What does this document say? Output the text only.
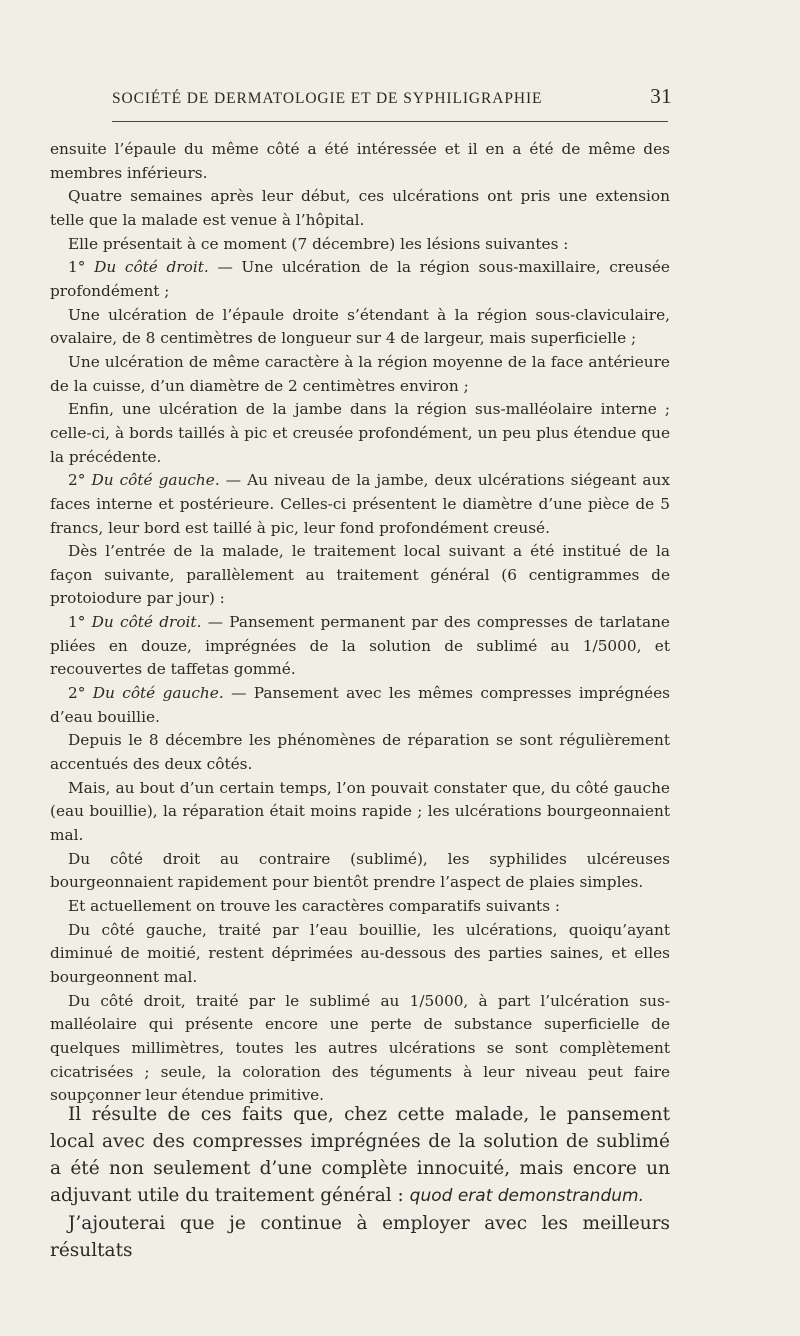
SOCIÉTÉ DE DERMATOLOGIE ET DE SYPHILIGRAPHIE	31

ensuite l’épaule du même côté a été intéressée et il en a été de même des membres inférieurs.

Quatre semaines après leur début, ces ulcérations ont pris une extension telle que la malade est venue à l’hôpital.

Elle présentait à ce moment (7 décembre) les lésions suivantes :

1° Du côté droit. — Une ulcération de la région sous-maxillaire, creusée profondément ;

Une ulcération de l’épaule droite s’étendant à la région sous-claviculaire, ovalaire, de 8 centimètres de longueur sur 4 de largeur, mais superficielle ;

Une ulcération de même caractère à la région moyenne de la face antérieure de la cuisse, d’un diamètre de 2 centimètres environ ;

Enfin, une ulcération de la jambe dans la région sus-malléolaire interne ; celle-ci, à bords taillés à pic et creusée profondément, un peu plus étendue que la précédente.

2° Du côté gauche. — Au niveau de la jambe, deux ulcérations siégeant aux faces interne et postérieure. Celles-ci présentent le diamètre d’une pièce de 5 francs, leur bord est taillé à pic, leur fond profondément creusé.

Dès l’entrée de la malade, le traitement local suivant a été institué de la façon suivante, parallèlement au traitement général (6 centigrammes de protoiodure par jour) :

1° Du côté droit. — Pansement permanent par des compresses de tarlatane pliées en douze, imprégnées de la solution de sublimé au 1/5000, et recouvertes de taffetas gommé.

2° Du côté gauche. — Pansement avec les mêmes compresses imprégnées d’eau bouillie.

Depuis le 8 décembre les phénomènes de réparation se sont régulièrement accentués des deux côtés.

Mais, au bout d’un certain temps, l’on pouvait constater que, du côté gauche (eau bouillie), la réparation était moins rapide ; les ulcérations bourgeonnaient mal.

Du côté droit au contraire (sublimé), les syphilides ulcéreuses bourgeonnaient rapidement pour bientôt prendre l’aspect de plaies simples.

Et actuellement on trouve les caractères comparatifs suivants :

Du côté gauche, traité par l’eau bouillie, les ulcérations, quoiqu’ayant diminué de moitié, restent déprimées au-dessous des parties saines, et elles bourgeonnent mal.

Du côté droit, traité par le sublimé au 1/5000, à part l’ulcération sus-malléolaire qui présente encore une perte de substance superficielle de quelques millimètres, toutes les autres ulcérations se sont complètement cicatrisées ; seule, la coloration des téguments à leur niveau peut faire soupçonner leur étendue primitive.

Il résulte de ces faits que, chez cette malade, le pansement local avec des compresses imprégnées de la solution de sublimé a été non seulement d’une complète innocuité, mais encore un adjuvant utile du traitement général : quod erat demonstrandum.

J’ajouterai que je continue à employer avec les meilleurs résultats
